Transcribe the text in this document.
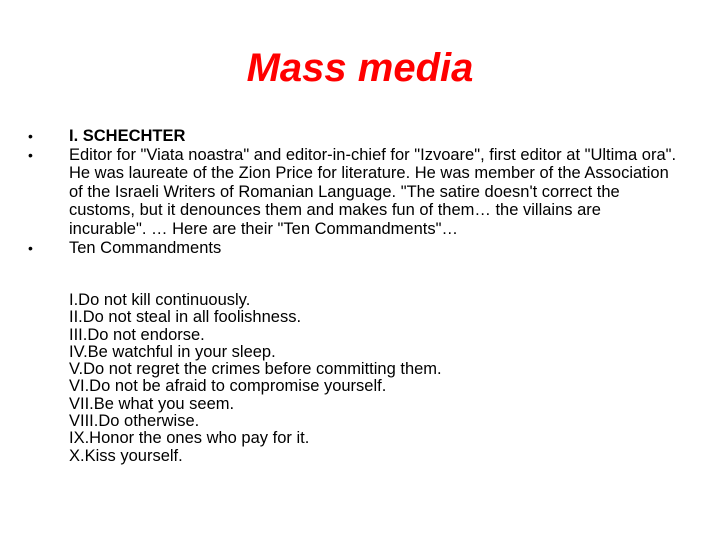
Mass media
• I. SCHECHTER
• Editor for "Viata noastra" and editor-in-chief for "Izvoare", first editor at "Ultima ora". He was laureate of the Zion Price for literature. He was member of the Association of the Israeli Writers of Romanian Language. "The satire doesn't correct the customs, but it denounces them and makes fun of them… the villains are incurable". … Here are their "Ten Commandments"…
• Ten Commandments
I.Do not kill continuously.
II.Do not steal in all foolishness.
III.Do not endorse.
IV.Be watchful in your sleep.
V.Do not regret the crimes before committing them.
VI.Do not be afraid to compromise yourself.
VII.Be what you seem.
VIII.Do otherwise.
IX.Honor the ones who pay for it.
X.Kiss yourself.
